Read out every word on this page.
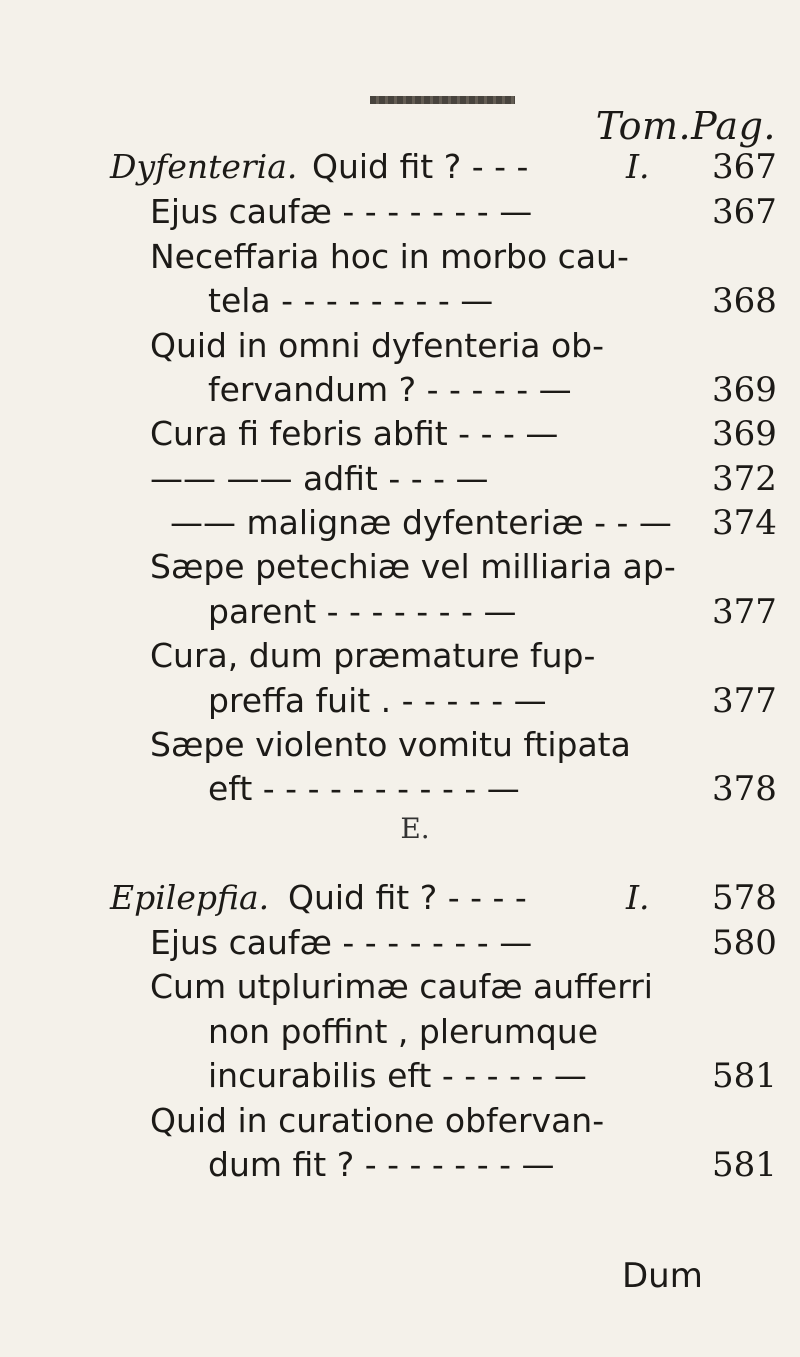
Tom.Pag.
Dyfenteria. Quid fit ? - - -	I. 367
Ejus caufæ - - - - - - - —	367
Neceffaria hoc in morbo cau-
tela - - - - - - - - —	368
Quid in omni dyfenteria ob-
fervandum ? - - - - - —	369
Cura fi febris abfit - - - —	369
—— —— adfit - - - —	372
—— malignæ dyfenteriæ - - — 374
Sæpe petechiæ vel milliaria ap-
parent - - - - - - - —	377
Cura, dum præmature fup-
preffa fuit . - - - - - —	377
Sæpe violento vomitu ftipata
eft - - - - - - - - - - —	378
E.
Epilepfia. Quid fit ? - - - -	I. 578
Ejus caufæ - - - - - - - —	580
Cum utplurimæ caufæ aufferri
non poffint , plerumque
incurabilis eft - - - - - —	581
Quid in curatione obfervan-
dum fit ? - - - - - - - —	581
Dum
